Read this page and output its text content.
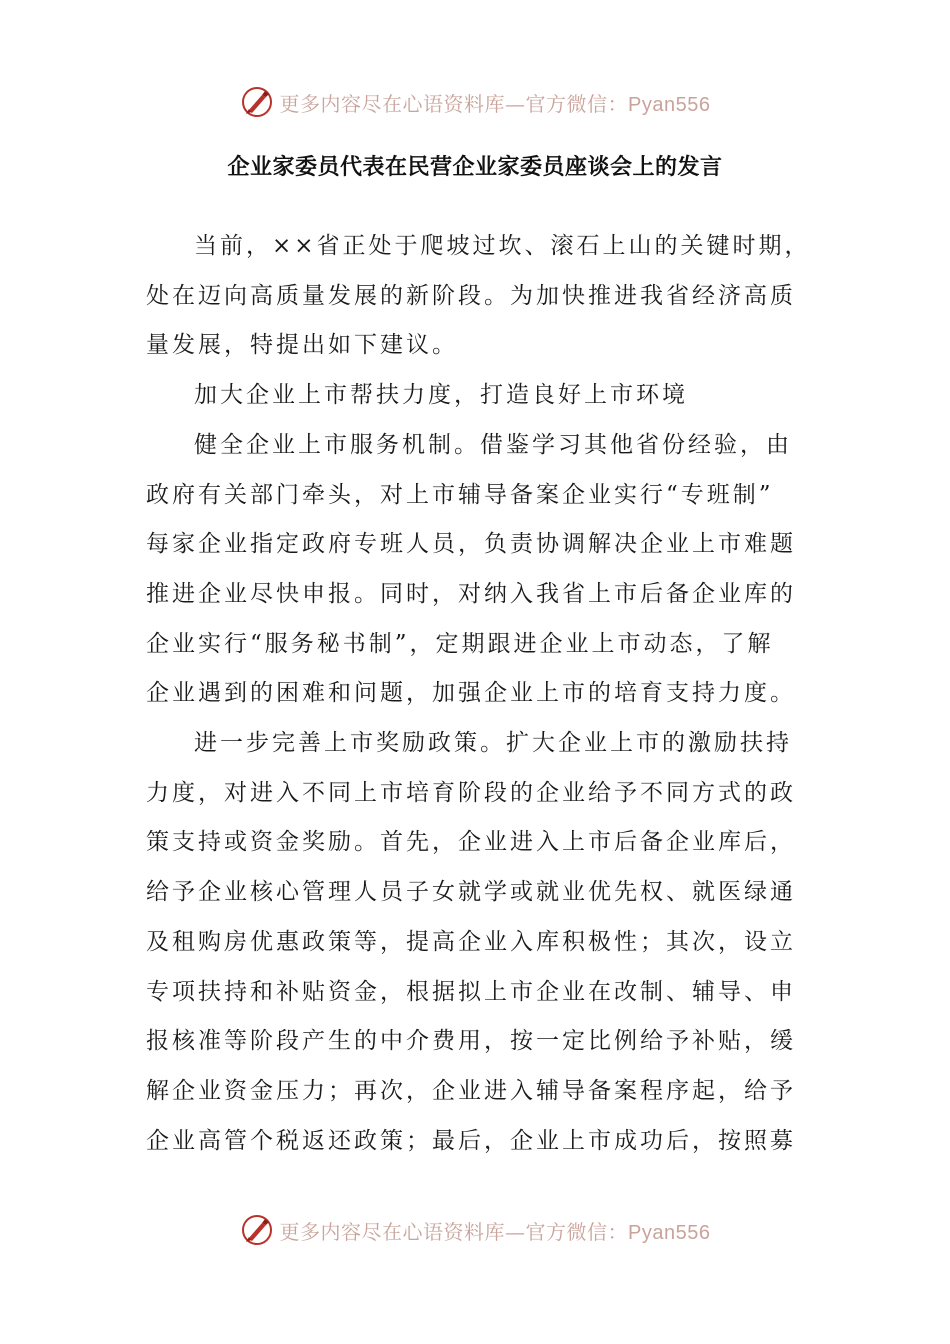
更多内容尽在心语资料库—官方微信：Pyan556
企业家委员代表在民营企业家委员座谈会上的发言
当前，××省正处于爬坡过坎、滚石上山的关键时期，
处在迈向高质量发展的新阶段。为加快推进我省经济高质
量发展，特提出如下建议。
加大企业上市帮扶力度，打造良好上市环境
健全企业上市服务机制。借鉴学习其他省份经验，由
政府有关部门牵头，对上市辅导备案企业实行“专班制”
每家企业指定政府专班人员，负责协调解决企业上市难题
推进企业尽快申报。同时，对纳入我省上市后备企业库的
企业实行“服务秘书制”，定期跟进企业上市动态，了解
企业遇到的困难和问题，加强企业上市的培育支持力度。
进一步完善上市奖励政策。扩大企业上市的激励扶持
力度，对进入不同上市培育阶段的企业给予不同方式的政
策支持或资金奖励。首先，企业进入上市后备企业库后，
给予企业核心管理人员子女就学或就业优先权、就医绿通
及租购房优惠政策等，提高企业入库积极性；其次，设立
专项扶持和补贴资金，根据拟上市企业在改制、辅导、申
报核准等阶段产生的中介费用，按一定比例给予补贴，缓
解企业资金压力；再次，企业进入辅导备案程序起，给予
企业高管个税返还政策；最后，企业上市成功后，按照募
更多内容尽在心语资料库—官方微信：Pyan556
